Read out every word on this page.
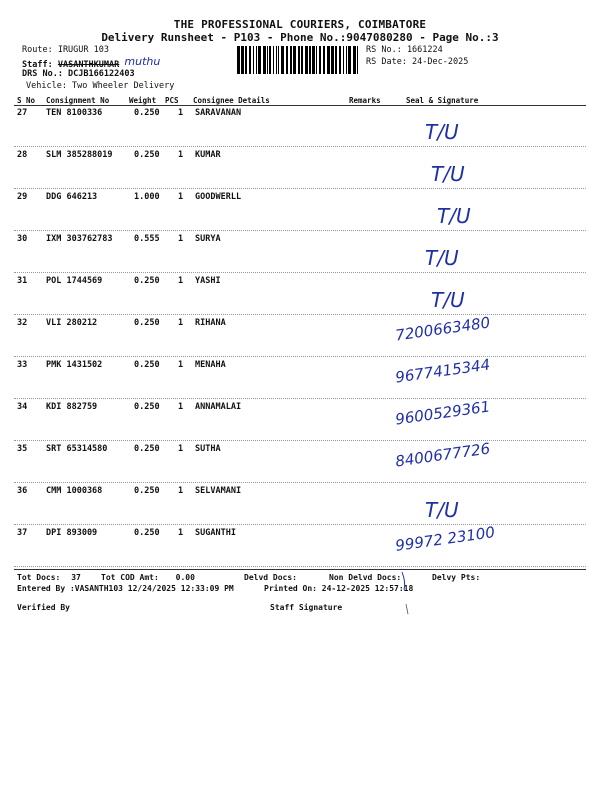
THE PROFESSIONAL COURIERS, COIMBATORE
Delivery Runsheet - P103 - Phone No.:9047080280 - Page No.:3
Route: IRUGUR 103
Staff: VASANTHKUMAR muthu
DRS No.: DCJB166122403
Vehicle: Two Wheeler Delivery
RS No.: 1661224
RS Date: 24-Dec-2025
S No Consignment No	Weight PCS Consignee Details	Remarks	Seal & Signature
27 TEN 8100336	0.250 1 SARAVANAN
T/U
28 SLM 385288019	0.250 1 KUMAR
T/U
29 DDG 646213	1.000 1 GOODWERLL
T/U
30 IXM 303762783	0.555 1 SURYA
T/U
31 POL 1744569	0.250 1 YASHI
T/U
32 VLI 280212	0.250 1 RIHANA	7200663480
33 PMK 1431502	0.250 1 MENAHA	9677415344
34 KDI 882759	0.250 1 ANNAMALAI	9600529361
35 SRT 65314580	0.250 1 SUTHA	8400677726
36 CMM 1000368	0.250 1 SELVAMANI
T/U
37 DPI 893009	0.250 1 SUGANTHI	99972 23100
Tot Docs: 37	Tot COD Amt: 0.00	Delvd Docs:	Non Delvd Docs:	Delvy Pts:
Entered By :VASANTH103 12/24/2025 12:33:09 PM	Printed On: 24-12-2025 12:57:18
Verified By	Staff Signature
